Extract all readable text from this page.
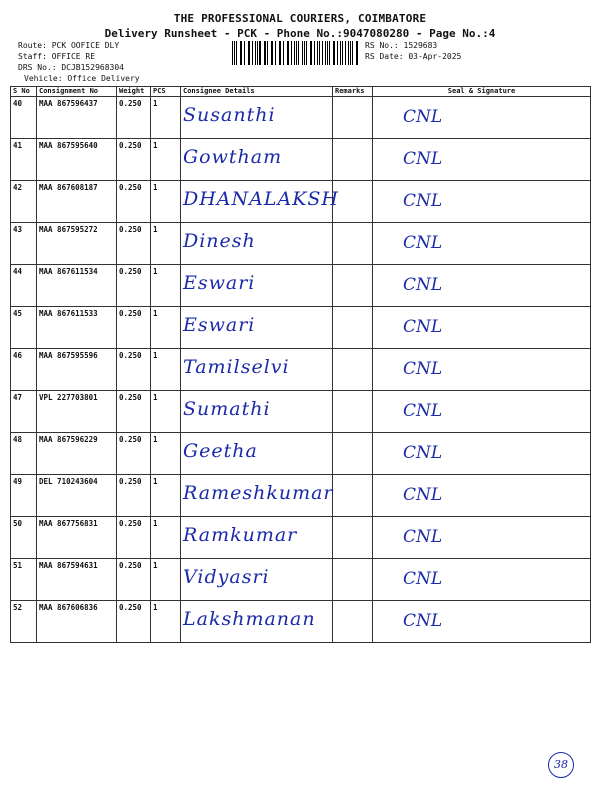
THE PROFESSIONAL COURIERS, COIMBATORE
Delivery Runsheet - PCK - Phone No.:9047080280 - Page No.:4
Route: PCK OOFICE DLY
Staff: OFFICE RE
DRS No.: DCJB152968304
Vehicle: Office Delivery
RS No.: 1529683
RS Date: 03-Apr-2025
S No	Consignment No	Weight	PCS	Consignee Details	Remarks	Seal & Signature
40	MAA 867596437	0.250	1	Susanthi		CNL

41	MAA 867595640	0.250	1	Gowtham		CNL

42	MAA 867608187	0.250	1	DHANALAKSH		CNL

43	MAA 867595272	0.250	1	Dinesh		CNL

44	MAA 867611534	0.250	1	Eswari		CNL

45	MAA 867611533	0.250	1	Eswari		CNL

46	MAA 867595596	0.250	1	Tamilselvi		CNL

47	VPL 227703801	0.250	1	Sumathi		CNL

48	MAA 867596229	0.250	1	Geetha		CNL

49	DEL 710243604	0.250	1	Rameshkumar		CNL

50	MAA 867756831	0.250	1	Ramkumar		CNL

51	MAA 867594631	0.250	1	Vidyasri		CNL

52	MAA 867606836	0.250	1	Lakshmanan		CNL
38
